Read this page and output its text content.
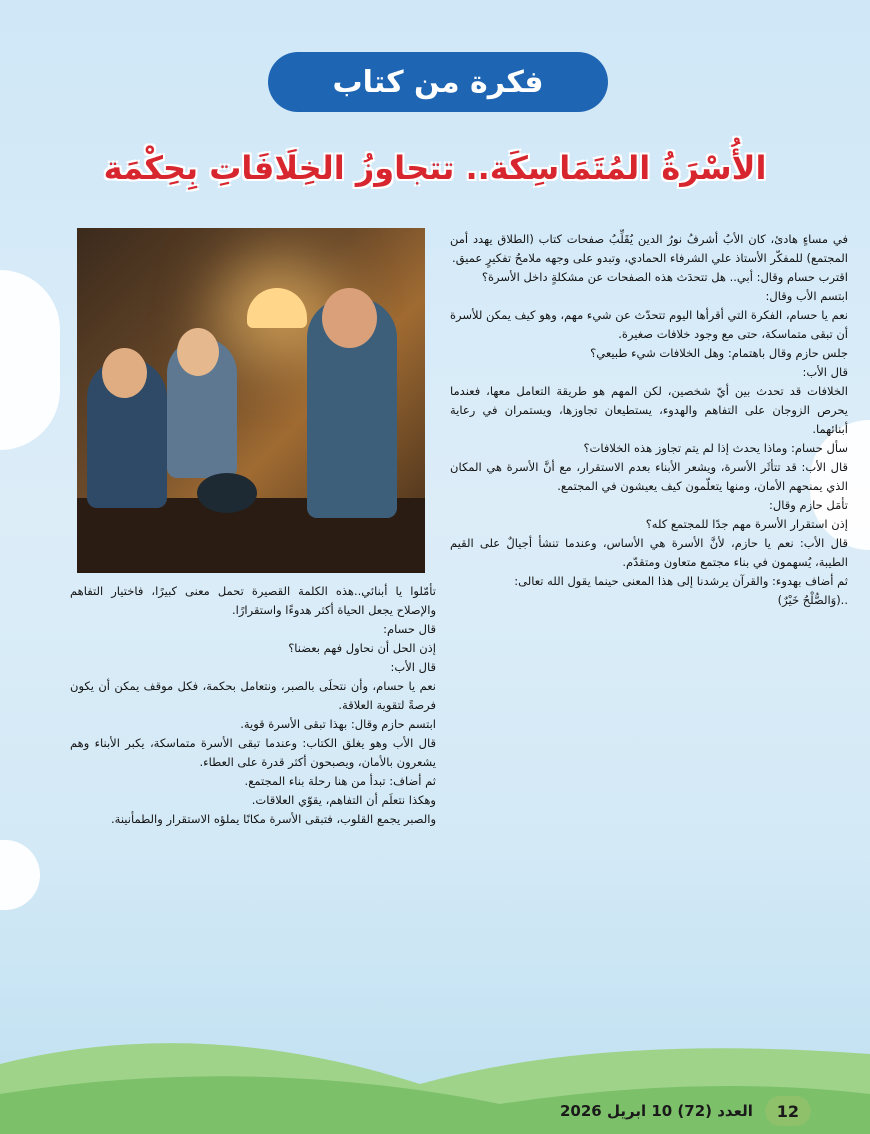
فكرة من كتاب
الأُسْرَةُ المُتَمَاسِكَة.. تتجاوزُ الخِلَافَاتِ بِحِكْمَة

في مساءٍ هادئ، كان الأبُ أشرفُ نورُ الدين يُقَلِّبُ صفحات كتاب (الطلاق يهدد أمن المجتمع) للمفكّر الأستاذ علي الشرفاء الحمادي، وتبدو على وجهه ملامحُ تفكيرٍ عميق.

اقترب حسام وقال: أبي.. هل تتحدَث هذه الصفحات عن مشكلةٍ داخل الأسرة؟

ابتسم الأب وقال:

نعم يا حسام، الفكرة التي أقرأها اليوم تتحدّث عن شيء مهم، وهو كيف يمكن للأسرة أن تبقى متماسكة، حتى مع وجود خلافات صغيرة.

جلس حازم وقال باهتمام: وهل الخلافات شيء طبيعي؟

قال الأب:

الخلافات قد تحدث بين أيّ شخصين، لكن المهم هو طريقة التعامل معها، فعندما يحرص الزوجان على التفاهم والهدوء، يستطيعان تجاوزها، ويستمران في رعاية أبنائهما.

سأل حسام: وماذا يحدث إذا لم يتم تجاوز هذه الخلافات؟

قال الأب: قد تتأثَر الأسرة، ويشعر الأبناء بعدم الاستقرار، مع أنَّ الأسرة هي المكان الذي يمنحهم الأمان، ومنها يتعلّمون كيف يعيشون في المجتمع.

تأمَل حازم وقال:

إذن استقرار الأسرة مهم جدًا للمجتمع كله؟

قال الأب: نعم يا حازم، لأنَّ الأسرة هي الأساس، وعندما تنشأ أجيالٌ على القيم الطيبة، يُسهمون في بناء مجتمع متعاون ومتقدّم.

ثم أضاف بهدوء: والقرآن يرشدنا إلى هذا المعنى حينما يقول الله تعالى:

..(وَالصُّلْحُ خَيْرٌ)

تأمّلوا يا أبنائي..هذه الكلمة القصيرة تحمل معنى كبيرًا، فاختيار التفاهم والإصلاح يجعل الحياة أكثر هدوءًا واستقرارًا.

قال حسام:

إذن الحل أن نحاول فهم بعضنا؟

قال الأب:

نعم يا حسام، وأن نتحلَى بالصبر، ونتعامل بحكمة، فكل موقف يمكن أن يكون فرصةً لتقوية العلاقة.

ابتسم حازم وقال: بهذا تبقى الأسرة قوية.

قال الأب وهو يغلق الكتاب: وعندما تبقى الأسرة متماسكة، يكبر الأبناء وهم يشعرون بالأمان، ويصبحون أكثر قدرة على العطاء.

ثم أضاف: تبدأ من هنا رحلة بناء المجتمع.

وهكذا نتعلَم أن التفاهم، يقوّي العلاقات.

والصبر يجمع القلوب، فتبقى الأسرة مكانًا يملؤه الاستقرار والطمأنينة.

12
العدد (72) 10 ابريل 2026
